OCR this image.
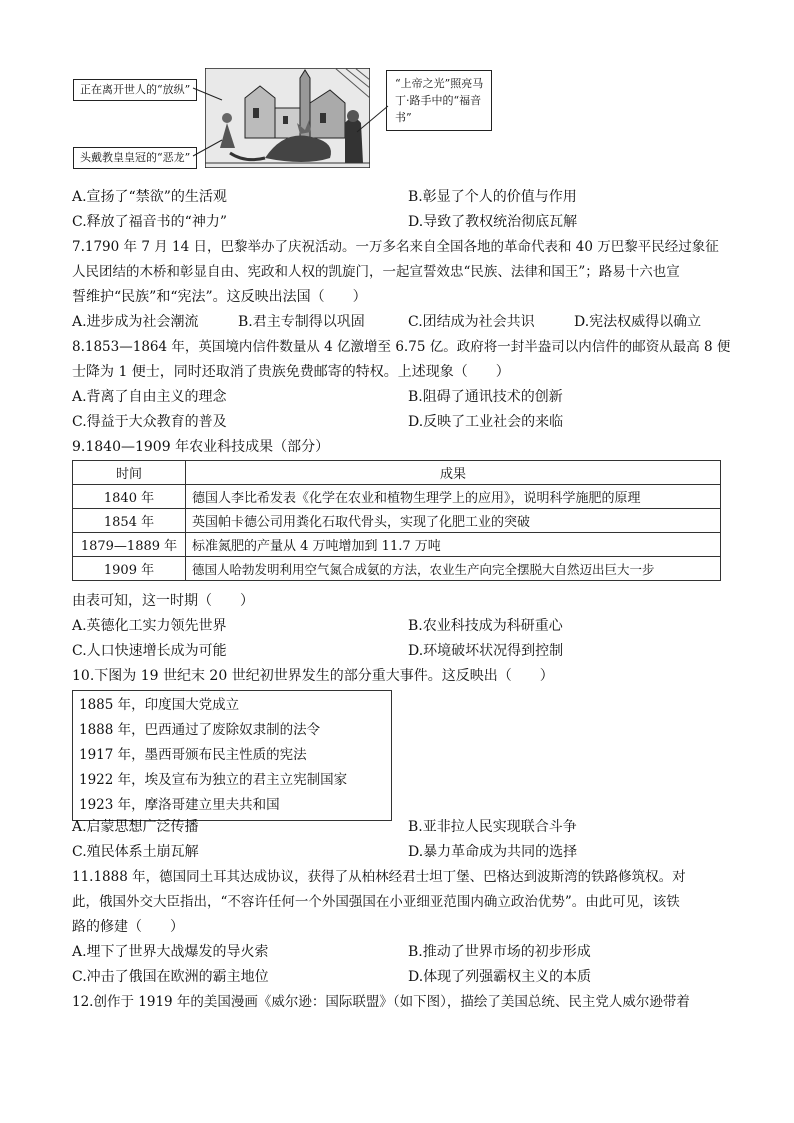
正在离开世人的“放纵”
头戴教皇皇冠的“恶龙”
“上帝之光”照亮马
丁·路手中的“福音
书”
A.宣扬了“禁欲”的生活观	B.彰显了个人的价值与作用
C.释放了福音书的“神力”	D.导致了教权统治彻底瓦解
7.1790 年 7 月 14 日，巴黎举办了庆祝活动。一万多名来自全国各地的革命代表和 40 万巴黎平民经过象征
人民团结的木桥和彰显自由、宪政和人权的凯旋门，一起宣誓效忠“民族、法律和国王”；路易十六也宣
誓维护“民族”和“宪法”。这反映出法国（　　）
A.进步成为社会潮流	B.君主专制得以巩固	C.团结成为社会共识	D.宪法权威得以确立
8.1853—1864 年，英国境内信件数量从 4 亿激增至 6.75 亿。政府将一封半盎司以内信件的邮资从最高 8 便
士降为 1 便士，同时还取消了贵族免费邮寄的特权。上述现象（　　）
A.背离了自由主义的理念	B.阻碍了通讯技术的创新
C.得益于大众教育的普及	D.反映了工业社会的来临
9.1840—1909 年农业科技成果（部分）
时间	成果
1840 年	德国人李比希发表《化学在农业和植物生理学上的应用》，说明科学施肥的原理
1854 年	英国帕卡德公司用粪化石取代骨头，实现了化肥工业的突破
1879—1889 年	标准氮肥的产量从 4 万吨增加到 11.7 万吨
1909 年	德国人哈勃发明利用空气氮合成氨的方法，农业生产向完全摆脱大自然迈出巨大一步
由表可知，这一时期（　　）
A.英德化工实力领先世界	B.农业科技成为科研重心
C.人口快速增长成为可能	D.环境破坏状况得到控制
10.下图为 19 世纪末 20 世纪初世界发生的部分重大事件。这反映出（　　）
1885 年，印度国大党成立
1888 年，巴西通过了废除奴隶制的法令
1917 年，墨西哥颁布民主性质的宪法
1922 年，埃及宣布为独立的君主立宪制国家
1923 年，摩洛哥建立里夫共和国
A.启蒙思想广泛传播	B.亚非拉人民实现联合斗争
C.殖民体系土崩瓦解	D.暴力革命成为共同的选择
11.1888 年，德国同土耳其达成协议，获得了从柏林经君士坦丁堡、巴格达到波斯湾的铁路修筑权。对
此，俄国外交大臣指出，“不容许任何一个外国强国在小亚细亚范围内确立政治优势”。由此可见，该铁
路的修建（　　）
A.埋下了世界大战爆发的导火索	B.推动了世界市场的初步形成
C.冲击了俄国在欧洲的霸主地位	D.体现了列强霸权主义的本质
12.创作于 1919 年的美国漫画《威尔逊：国际联盟》（如下图），描绘了美国总统、民主党人威尔逊带着
